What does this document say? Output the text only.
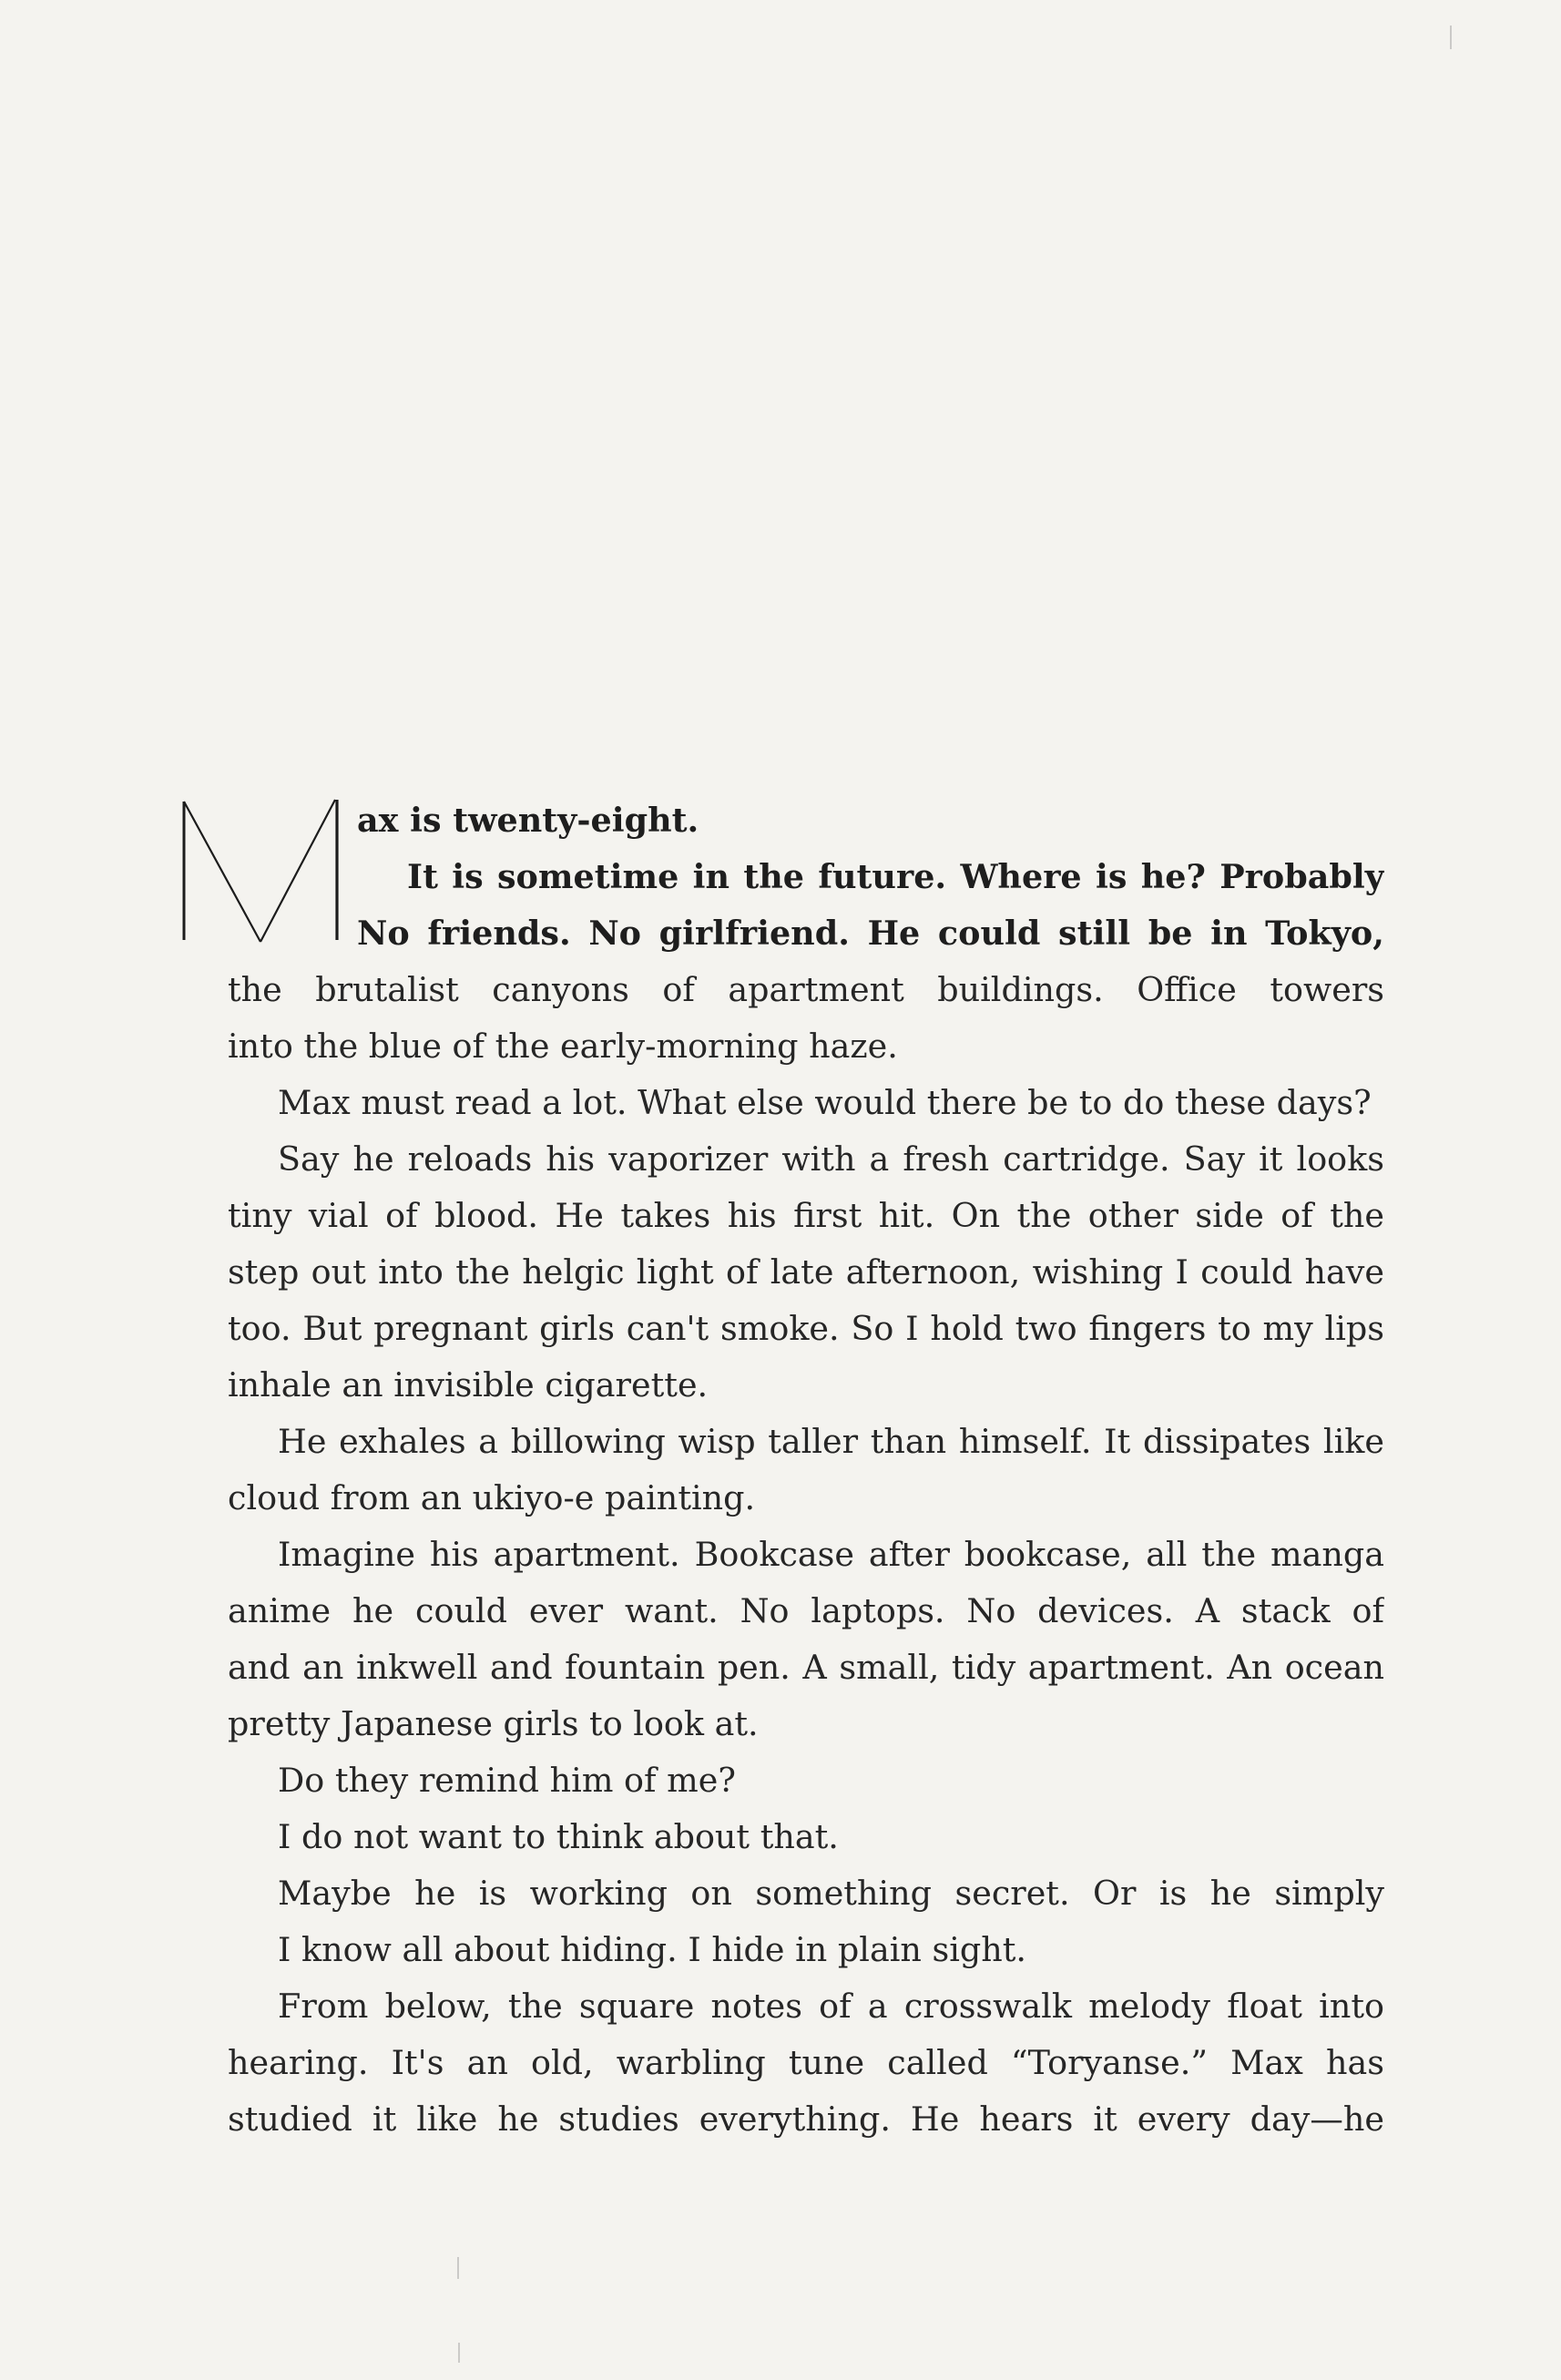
M
ax is twenty-eight.
It is sometime in the future. Where is he? Probably
No friends. No girlfriend. He could still be in Tokyo,
the brutalist canyons of apartment buildings. Office towers
into the blue of the early-morning haze.
Max must read a lot. What else would there be to do these days?
Say he reloads his vaporizer with a fresh cartridge. Say it looks
tiny vial of blood. He takes his first hit. On the other side of the
step out into the helgic light of late afternoon, wishing I could have
too. But pregnant girls can't smoke. So I hold two fingers to my lips
inhale an invisible cigarette.
He exhales a billowing wisp taller than himself. It dissipates like
cloud from an ukiyo-e painting.
Imagine his apartment. Bookcase after bookcase, all the manga
anime he could ever want. No laptops. No devices. A stack of
and an inkwell and fountain pen. A small, tidy apartment. An ocean
pretty Japanese girls to look at.
Do they remind him of me?
I do not want to think about that.
Maybe he is working on something secret. Or is he simply
I know all about hiding. I hide in plain sight.
From below, the square notes of a crosswalk melody float into
hearing. It's an old, warbling tune called “Toryanse.” Max has
studied it like he studies everything. He hears it every day—he
